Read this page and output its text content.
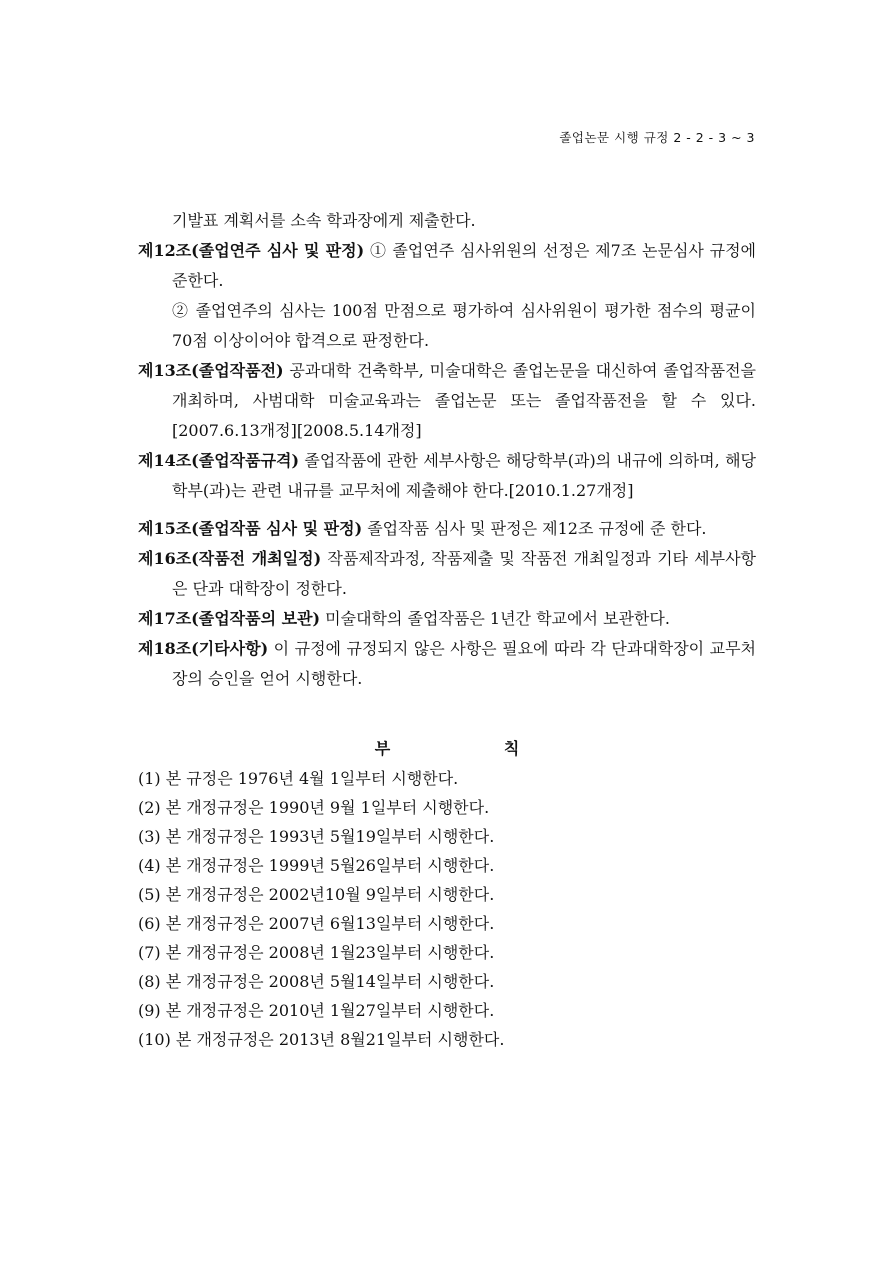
졸업논문 시행 규정 2 - 2 - 3 ~ 3

기발표 계획서를 소속 학과장에게 제출한다.

제12조(졸업연주 심사 및 판정) ① 졸업연주 심사위원의 선정은 제7조 논문심사 규정에 준한다.

② 졸업연주의 심사는 100점 만점으로 평가하여 심사위원이 평가한 점수의 평균이 70점 이상이어야 합격으로 판정한다.

제13조(졸업작품전) 공과대학 건축학부, 미술대학은 졸업논문을 대신하여 졸업작품전을 개최하며, 사범대학 미술교육과는 졸업논문 또는 졸업작품전을 할 수 있다.[2007.6.13개정][2008.5.14개정]

제14조(졸업작품규격) 졸업작품에 관한 세부사항은 해당학부(과)의 내규에 의하며, 해당학부(과)는 관련 내규를 교무처에 제출해야 한다.[2010.1.27개정]

제15조(졸업작품 심사 및 판정) 졸업작품 심사 및 판정은 제12조 규정에 준 한다.

제16조(작품전 개최일정) 작품제작과정, 작품제출 및 작품전 개최일정과 기타 세부사항은 단과 대학장이 정한다.

제17조(졸업작품의 보관) 미술대학의 졸업작품은 1년간 학교에서 보관한다.

제18조(기타사항) 이 규정에 규정되지 않은 사항은 필요에 따라 각 단과대학장이 교무처장의 승인을 얻어 시행한다.

부	칙

(1) 본 규정은 1976년 4월 1일부터 시행한다.

(2) 본 개정규정은 1990년 9월 1일부터 시행한다.

(3) 본 개정규정은 1993년 5월19일부터 시행한다.

(4) 본 개정규정은 1999년 5월26일부터 시행한다.

(5) 본 개정규정은 2002년10월 9일부터 시행한다.

(6) 본 개정규정은 2007년 6월13일부터 시행한다.

(7) 본 개정규정은 2008년 1월23일부터 시행한다.

(8) 본 개정규정은 2008년 5월14일부터 시행한다.

(9) 본 개정규정은 2010년 1월27일부터 시행한다.

(10) 본 개정규정은 2013년 8월21일부터 시행한다.
